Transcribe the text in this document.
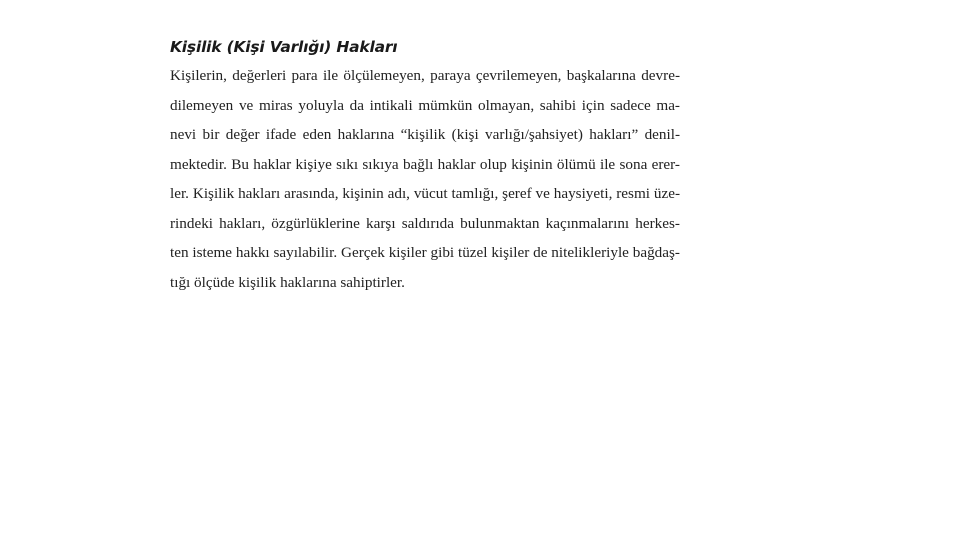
Kişilik (Kişi Varlığı) Hakları
Kişilerin, değerleri para ile ölçülemeyen, paraya çevrilemeyen, başkalarına devre-
dilemeyen ve miras yoluyla da intikali mümkün olmayan, sahibi için sadece ma-
nevi bir değer ifade eden haklarına “kişilik (kişi varlığı/şahsiyet) hakları” denil-
mektedir. Bu haklar kişiye sıkı sıkıya bağlı haklar olup kişinin ölümü ile sona erer-
ler. Kişilik hakları arasında, kişinin adı, vücut tamlığı, şeref ve haysiyeti, resmi üze-
rindeki hakları, özgürlüklerine karşı saldırıda bulunmaktan kaçınmalarını herkes-
ten isteme hakkı sayılabilir. Gerçek kişiler gibi tüzel kişiler de nitelikleriyle bağdaş-
tığı ölçüde kişilik haklarına sahiptirler.
